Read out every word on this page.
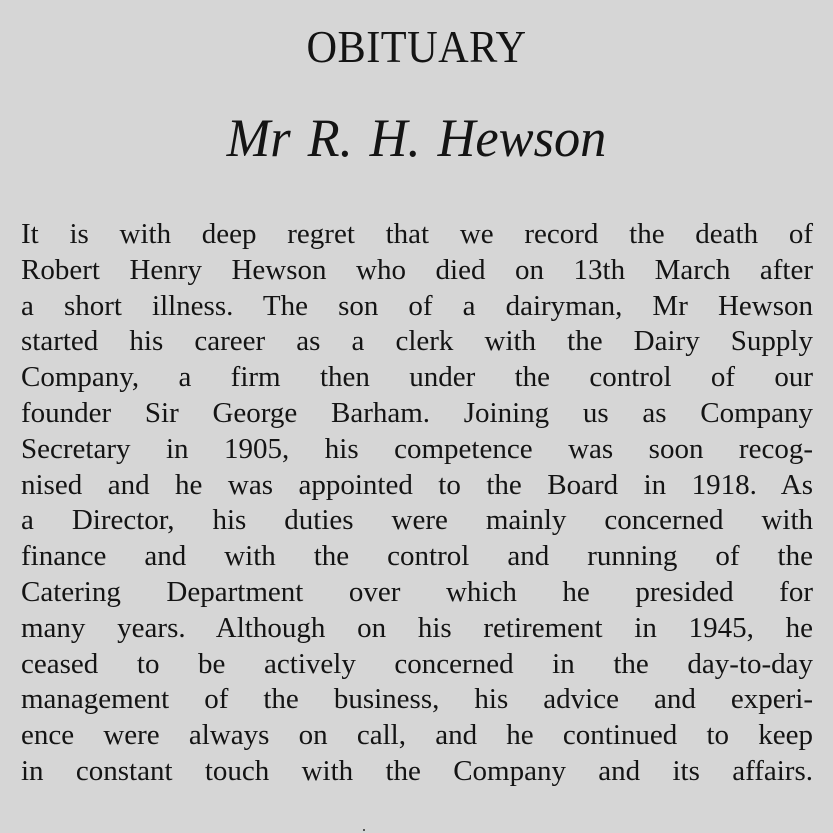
OBITUARY
Mr R. H. Hewson
It is with deep regret that we record the death of
Robert Henry Hewson who died on 13th March after
a short illness. The son of a dairyman, Mr Hewson
started his career as a clerk with the Dairy Supply
Company, a firm then under the control of our
founder Sir George Barham. Joining us as Company
Secretary in 1905, his competence was soon recog-
nised and he was appointed to the Board in 1918. As
a Director, his duties were mainly concerned with
finance and with the control and running of the
Catering Department over which he presided for
many years. Although on his retirement in 1945, he
ceased to be actively concerned in the day-to-day
management of the business, his advice and experi-
ence were always on call, and he continued to keep
in constant touch with the Company and its affairs.
